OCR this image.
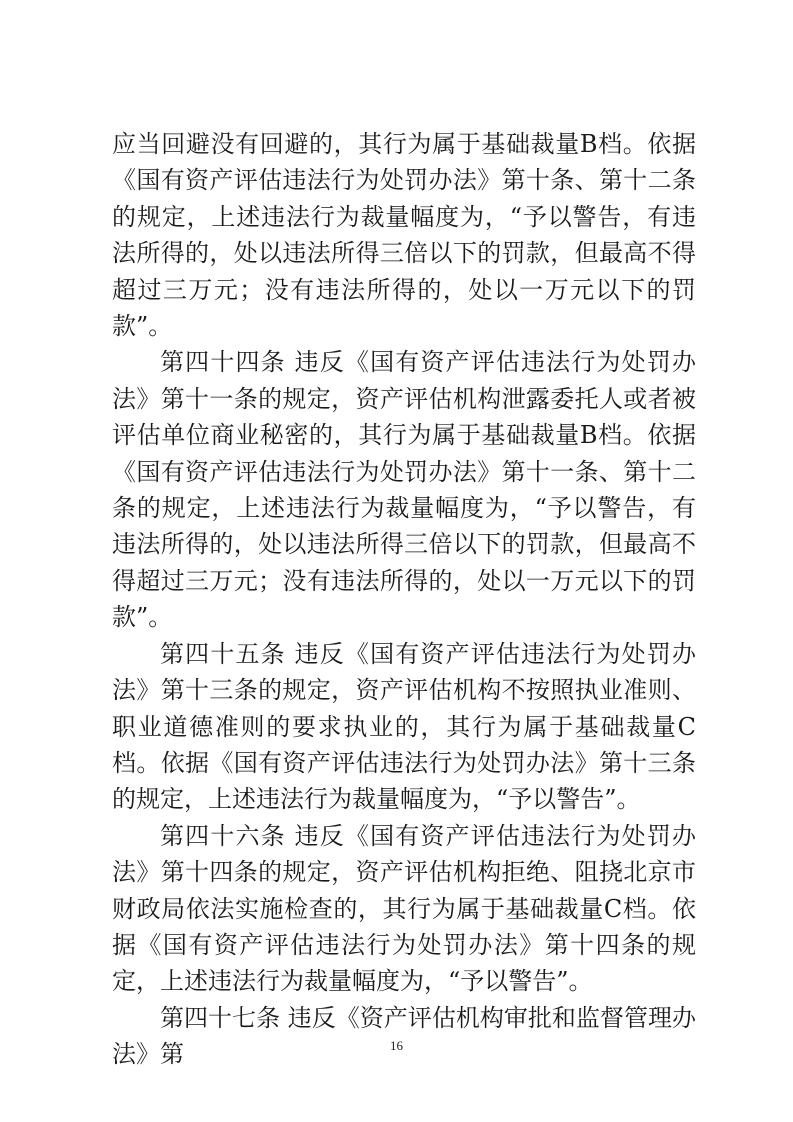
应当回避没有回避的，其行为属于基础裁量B档。依据《国有资产评估违法行为处罚办法》第十条、第十二条的规定，上述违法行为裁量幅度为，“予以警告，有违法所得的，处以违法所得三倍以下的罚款，但最高不得超过三万元；没有违法所得的，处以一万元以下的罚款”。

第四十四条 违反《国有资产评估违法行为处罚办法》第十一条的规定，资产评估机构泄露委托人或者被评估单位商业秘密的，其行为属于基础裁量B档。依据《国有资产评估违法行为处罚办法》第十一条、第十二条的规定，上述违法行为裁量幅度为，“予以警告，有违法所得的，处以违法所得三倍以下的罚款，但最高不得超过三万元；没有违法所得的，处以一万元以下的罚款”。

第四十五条 违反《国有资产评估违法行为处罚办法》第十三条的规定，资产评估机构不按照执业准则、职业道德准则的要求执业的，其行为属于基础裁量C档。依据《国有资产评估违法行为处罚办法》第十三条的规定，上述违法行为裁量幅度为，“予以警告”。

第四十六条 违反《国有资产评估违法行为处罚办法》第十四条的规定，资产评估机构拒绝、阻挠北京市财政局依法实施检查的，其行为属于基础裁量C档。依据《国有资产评估违法行为处罚办法》第十四条的规定，上述违法行为裁量幅度为，“予以警告”。

第四十七条 违反《资产评估机构审批和监督管理办法》第	16
